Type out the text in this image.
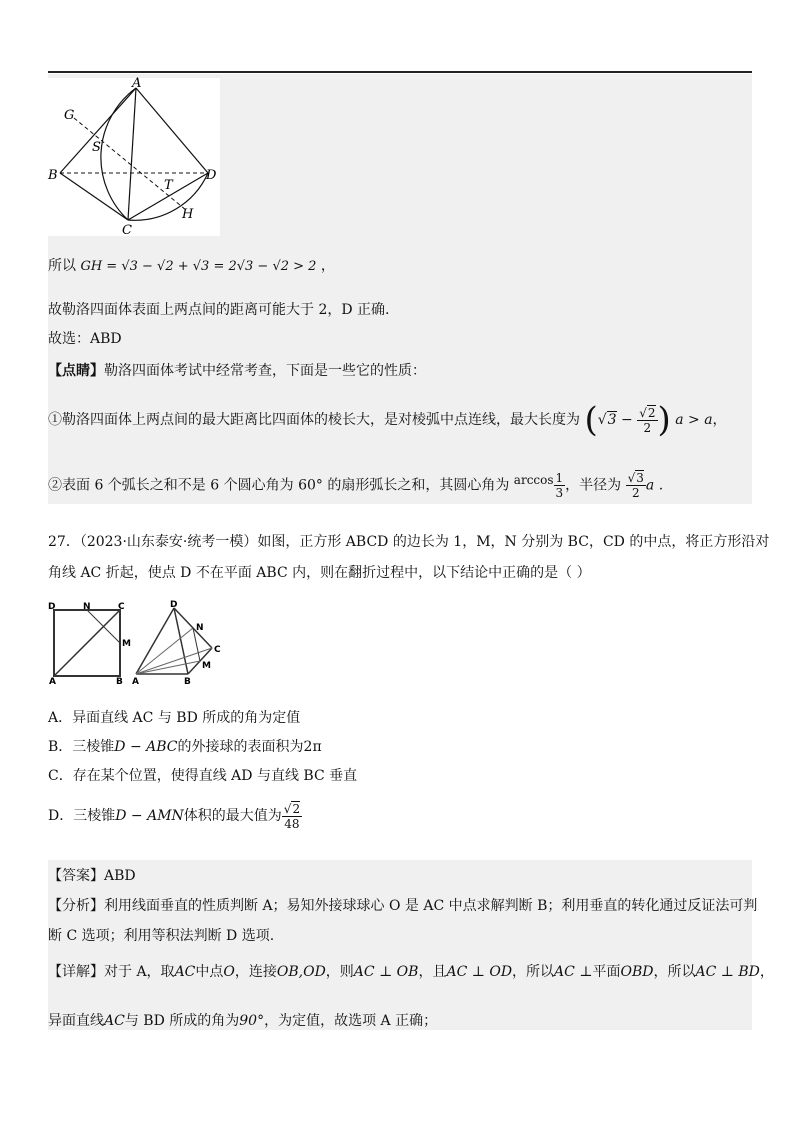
A
G
S
B	D
T
H
C
所以 GH = √3 − √2 + √3 = 2√3 − √2 > 2 ，
故勒洛四面体表面上两点间的距离可能大于 2，D 正确.
故选：ABD
【点睛】勒洛四面体考试中经常考查，下面是一些它的性质：
①勒洛四面体上两点间的最大距离比四面体的棱长大，是对棱弧中点连线，最大长度为 ($√3 - \frac{√2}{2}$ ) a > a，
②表面 6 个弧长之和不是 6 个圆心角为 60° 的扇形弧长之和，其圆心角为 $\arccos \frac{1}{3}$ ，半径为 $\frac{√3}{2}$ a .
27．（2023·山东泰安·统考一模）如图，正方形 ABCD 的边长为 1，M，N 分别为 BC，CD 的中点，将正方形沿对
角线 AC 折起，使点 D 不在平面 ABC 内，则在翻折过程中，以下结论中正确的是（ ）
D	N	C
M
A	B
D
N
C
M
A	B
A．异面直线 AC 与 BD 所成的角为定值
B．三棱锥D − ABC的外接球的表面积为2π
C．存在某个位置，使得直线 AD 与直线 BC 垂直
D．三棱锥D − AMN体积的最大值为 $\frac{√2}{48}$
【答案】ABD
【分析】利用线面垂直的性质判断 A；易知外接球球心 O 是 AC 中点求解判断 B；利用垂直的转化通过反证法可判
断 C 选项；利用等积法判断 D 选项.
【详解】对于 A，取AC中点O，连接OB,OD，则AC ⊥ OB，且AC ⊥ OD，所以AC ⊥平面OBD，所以AC ⊥ BD，
异面直线AC与 BD 所成的角为90°，为定值，故选项 A 正确；
